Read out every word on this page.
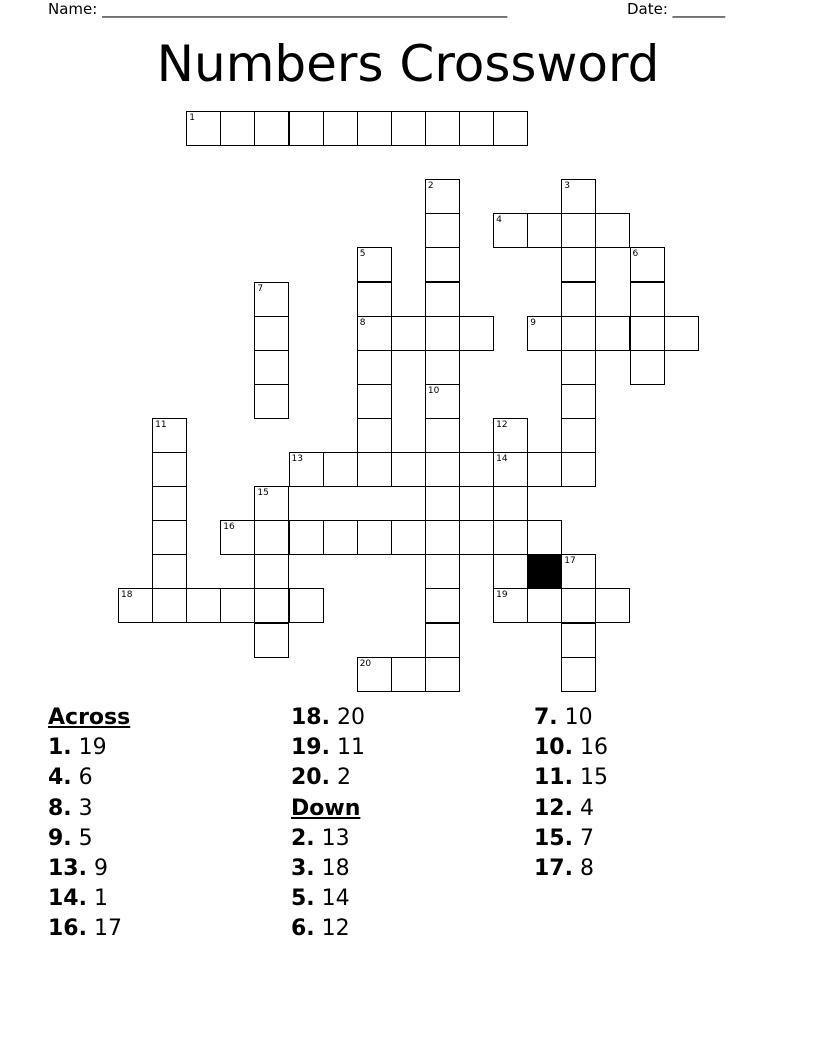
Name: ______________________________________________________	Date: _______
Numbers Crossword
1
2	3
4
5
8
6
7
9
10
11	12
14
19
13
15
16
17
18
20
Across
1. 19
4. 6
8. 3
9. 5
13. 9
14. 1
16. 17
18. 20
19. 11
20. 2
Down
2. 13
3. 18
5. 14
6. 12
7. 10
10. 16
11. 15
12. 4
15. 7
17. 8
